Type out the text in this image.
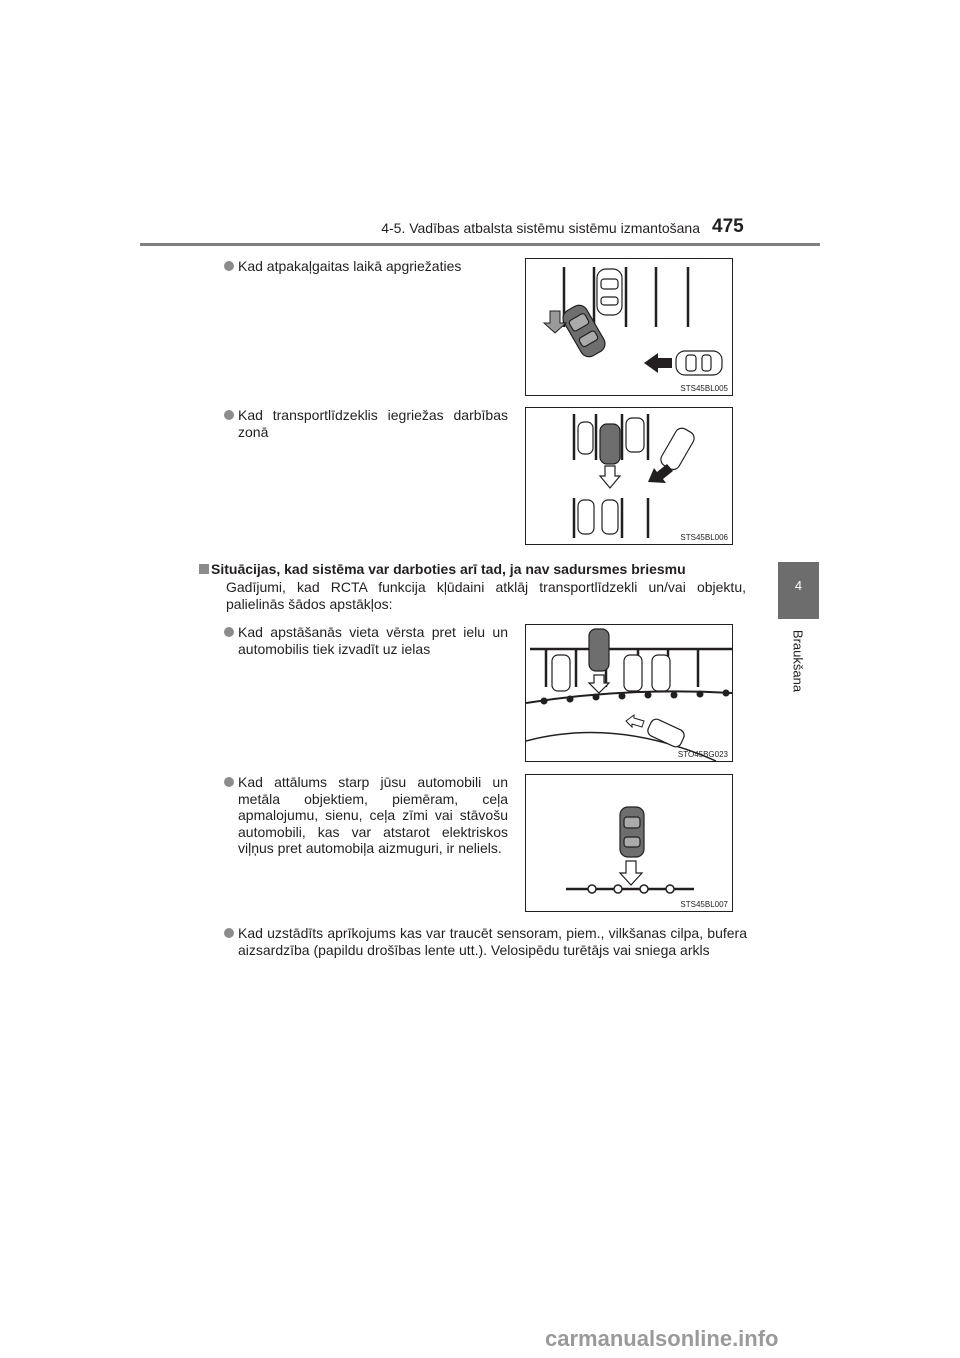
4-5. Vadības atbalsta sistēmu sistēmu izmantošana 475
4
Braukšana
Kad atpakaļgaitas laikā apgriežaties
STS45BL005
Kad transportlīdzeklis iegriežas darbības zonā
STS45BL006
Situācijas, kad sistēma var darboties arī tad, ja nav sadursmes briesmu
Gadījumi, kad RCTA funkcija kļūdaini atklāj transportlīdzekli un/vai objektu, palielinās šādos apstākļos:
Kad apstāšanās vieta vērsta pret ielu un automobilis tiek izvadīt uz ielas
STO45BG023
Kad attālums starp jūsu automobili un metāla objektiem, piemēram, ceļa apmalojumu, sienu, ceļa zīmi vai stāvošu automobili, kas var atstarot elektriskos viļņus pret automobiļa aizmuguri, ir neliels.
STS45BL007
Kad uzstādīts aprīkojums kas var traucēt sensoram, piem., vilkšanas cilpa, bufera aizsardzība (papildu drošības lente utt.). Velosipēdu turētājs vai sniega arkls
carmanualsonline.info
